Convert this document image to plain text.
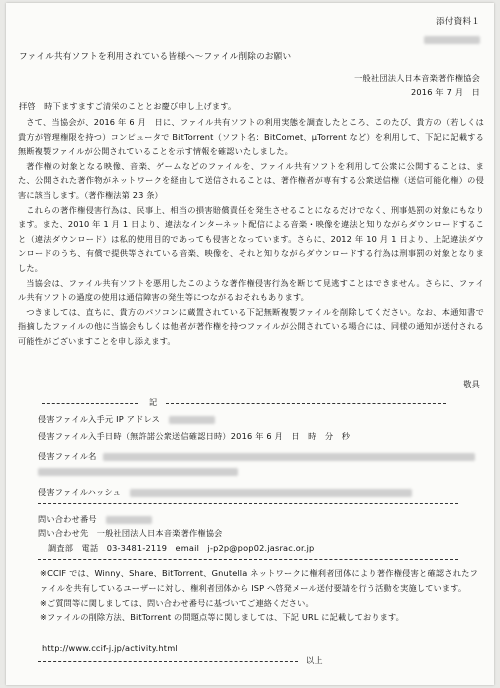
添付資料１
ファイル共有ソフトを利用されている皆様へ～ファイル削除のお願い
一般社団法人日本音楽著作権協会
2016 年 7 月　日
拝啓　時下ますますご清栄のこととお慶び申し上げます。

さて、当協会が、2016 年 6 月　日に、ファイル共有ソフトの利用実態を調査したところ、このたび、貴方の（若しくは貴方が管理権限を持つ）コンピュータで BitTorrent（ソフト名：BitComet、μTorrent など）を利用して、下記に記載する無断複製ファイルが公開されていることを示す情報を確認いたしました。

著作権の対象となる映像、音楽、ゲームなどのファイルを、ファイル共有ソフトを利用して公衆に公開することは、また、公開された著作物がネットワークを経由して送信されることは、著作権者が専有する公衆送信権（送信可能化権）の侵害に該当します。（著作権法第 23 条）

これらの著作権侵害行為は、民事上、相当の損害賠償責任を発生させることになるだけでなく、刑事処罰の対象にもなります。また、2010 年 1 月 1 日より、違法なインターネット配信による音楽・映像を違法と知りながらダウンロードすること（違法ダウンロード）は私的使用目的であっても侵害となっています。さらに、2012 年 10 月 1 日より、上記違法ダウンロードのうち、有償で提供等されている音楽、映像を、それと知りながらダウンロードする行為は刑事罰の対象となりました。

当協会は、ファイル共有ソフトを悪用したこのような著作権侵害行為を断じて見逃すことはできません。さらに、ファイル共有ソフトの過度の使用は通信障害の発生等につながるおそれもあります。

つきましては、直ちに、貴方のパソコンに蔵置されている下記無断複製ファイルを削除してください。なお、本通知書で指摘したファイルの他に当協会もしくは他者が著作権を持つファイルが公開されている場合には、同様の通知が送付される可能性がございますことを申し添えます。

敬具
記
侵害ファイル入手元 IP アドレス
侵害ファイル入手日時（無許諾公衆送信確認日時）2016 年 6 月　日　時　分　秒
侵害ファイル名
侵害ファイルハッシュ
問い合わせ番号
問い合わせ先　一般社団法人日本音楽著作権協会
調査部　電話　03-3481-2119　email　j-p2p@pop02.jasrac.or.jp
※CCIF では、Winny、Share、BitTorrent、Gnutella ネットワークに権利者団体により著作権侵害と確認されたファイルを共有しているユーザーに対し、権利者団体から ISP へ啓発メール送付要請を行う活動を実施しています。
※ご質問等に関しましては、問い合わせ番号に基づいてご連絡ください。
※ファイルの削除方法、BitTorrent の問題点等に関しましては、下記 URL に記載しております。
http://www.ccif-j.jp/activity.html
以上
